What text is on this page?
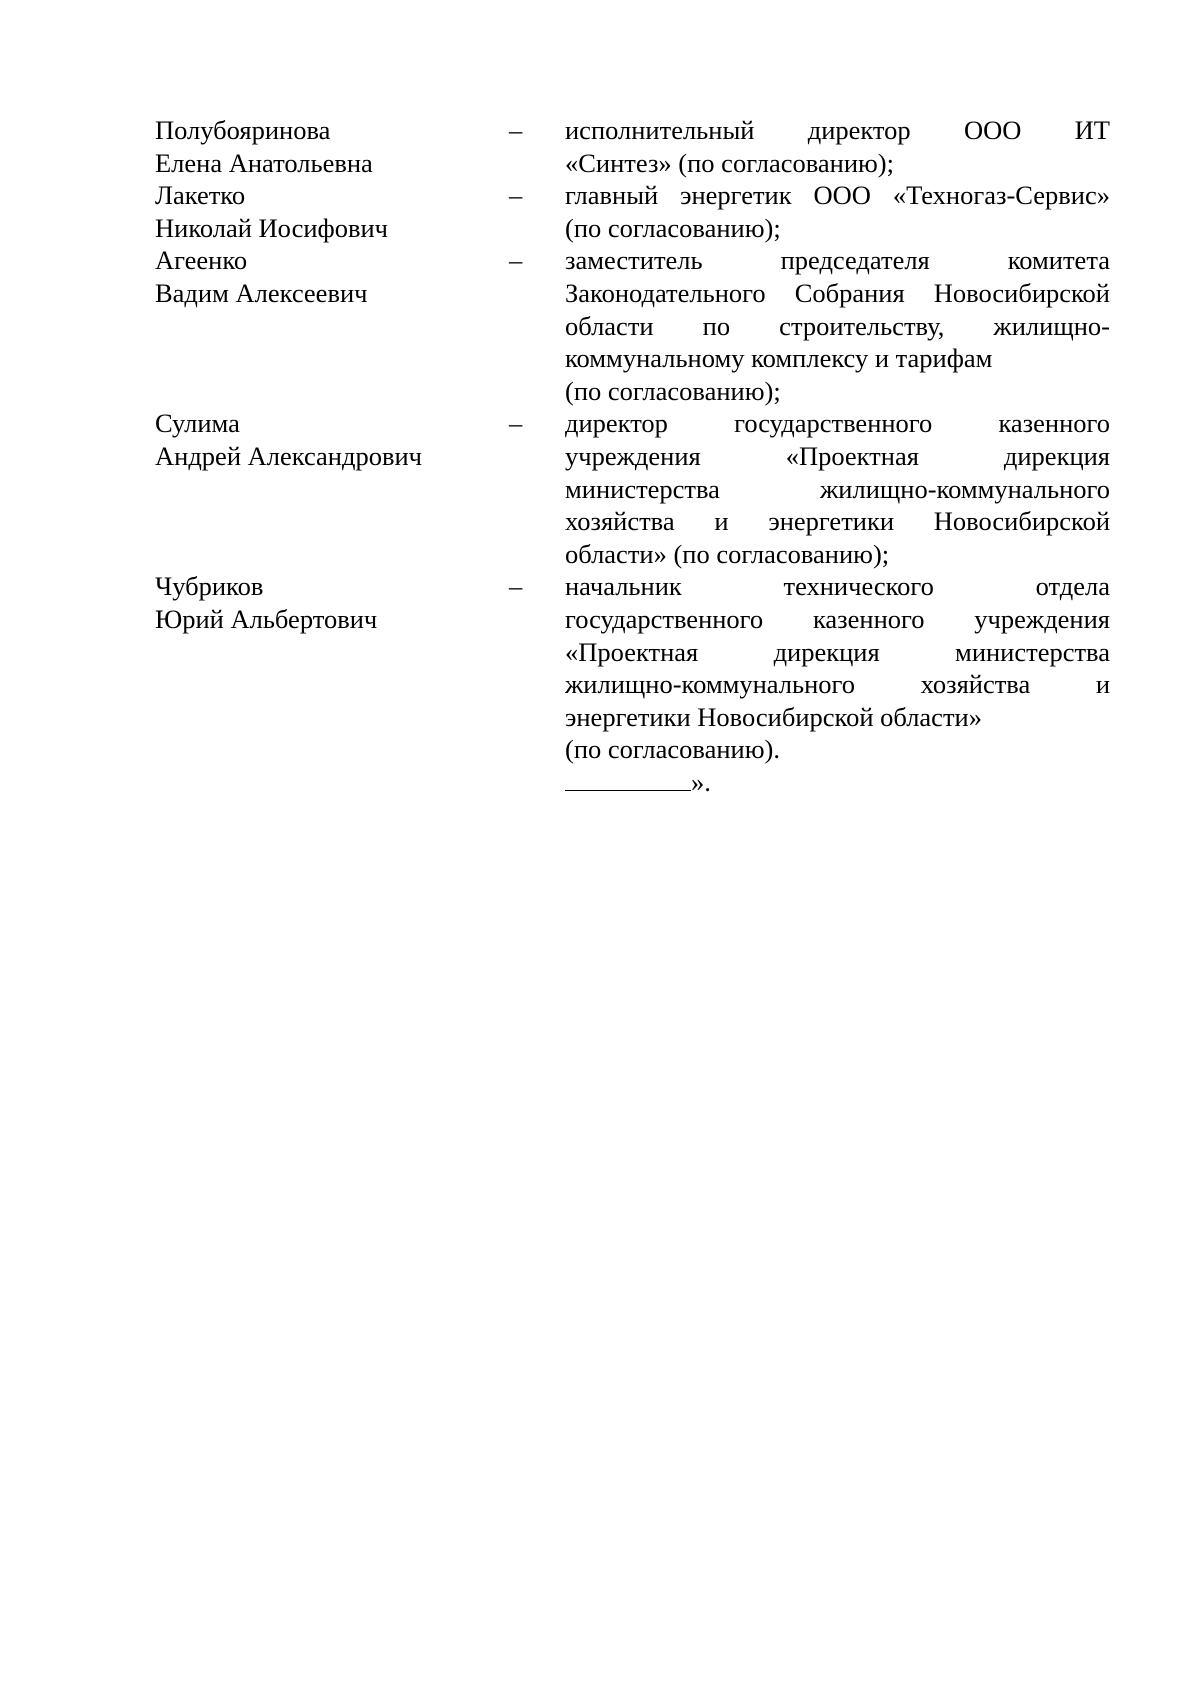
Полубояринова
Елена Анатольевна
–	исполнительный директор ООО ИТ
«Синтез» (по согласованию);
Лакетко
Николай Иосифович
–	главный энергетик ООО «Техногаз-Сервис»
(по согласованию);
Агеенко
Вадим Алексеевич
–	заместитель председателя комитета
Законодательного Собрания Новосибирской
области по строительству, жилищно-
коммунальному комплексу и тарифам
(по согласованию);
Сулима
Андрей Александрович
–	директор государственного казенного
учреждения «Проектная дирекция
министерства жилищно-коммунального
хозяйства и энергетики Новосибирской
области» (по согласованию);
Чубриков
Юрий Альбертович
–	начальник технического отдела
государственного казенного учреждения
«Проектная дирекция министерства
жилищно-коммунального хозяйства и
энергетики Новосибирской области»
(по согласованию).
».
